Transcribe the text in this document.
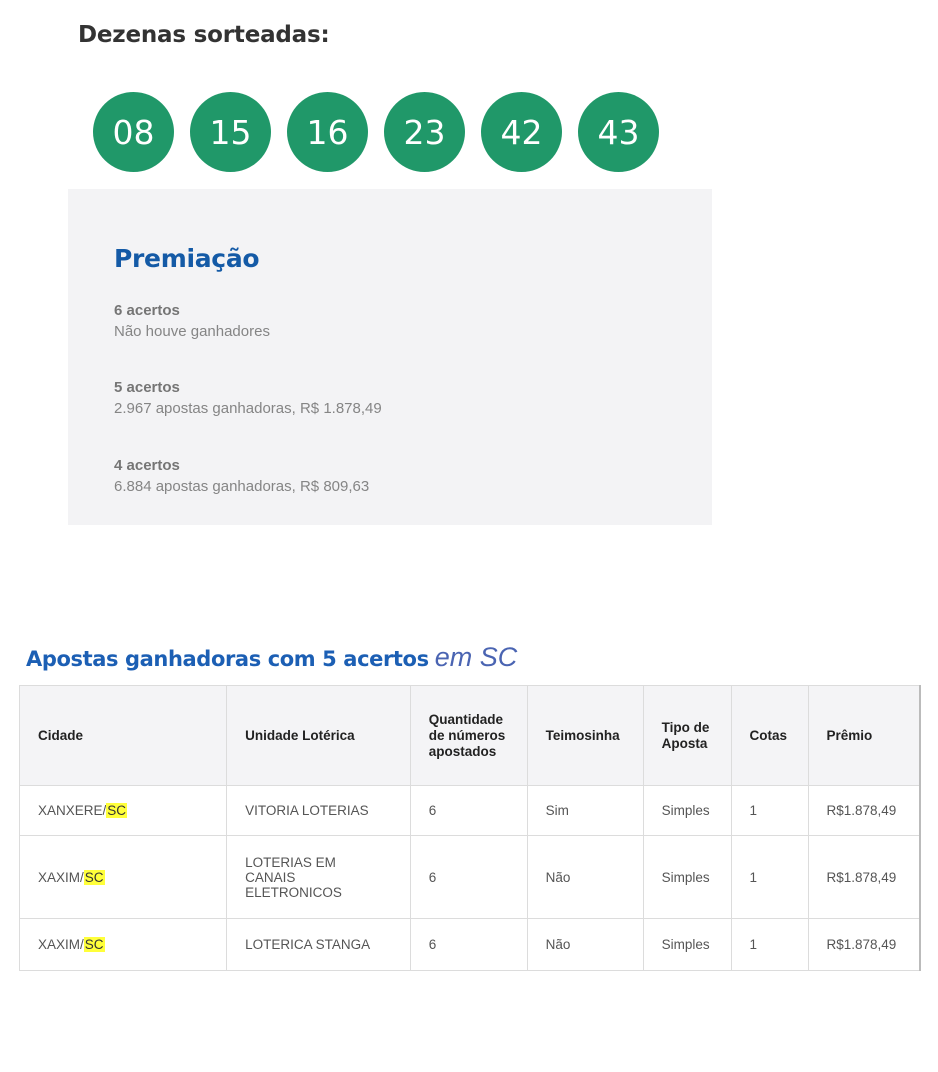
Dezenas sorteadas:
08	15	16	23	42	43
Premiação
6 acertos
Não houve ganhadores
5 acertos
2.967 apostas ganhadoras, R$ 1.878,49
4 acertos
6.884 apostas ganhadoras, R$ 809,63
Apostas ganhadoras com 5 acertos em SC
Cidade	Unidade Lotérica	Quantidade de números apostados	Teimosinha	Tipo de Aposta	Cotas	Prêmio
XANXERE/SC	VITORIA LOTERIAS	6	Sim	Simples	1	R$1.878,49
XAXIM/SC	LOTERIAS EM CANAIS ELETRONICOS	6	Não	Simples	1	R$1.878,49
XAXIM/SC	LOTERICA STANGA	6	Não	Simples	1	R$1.878,49
